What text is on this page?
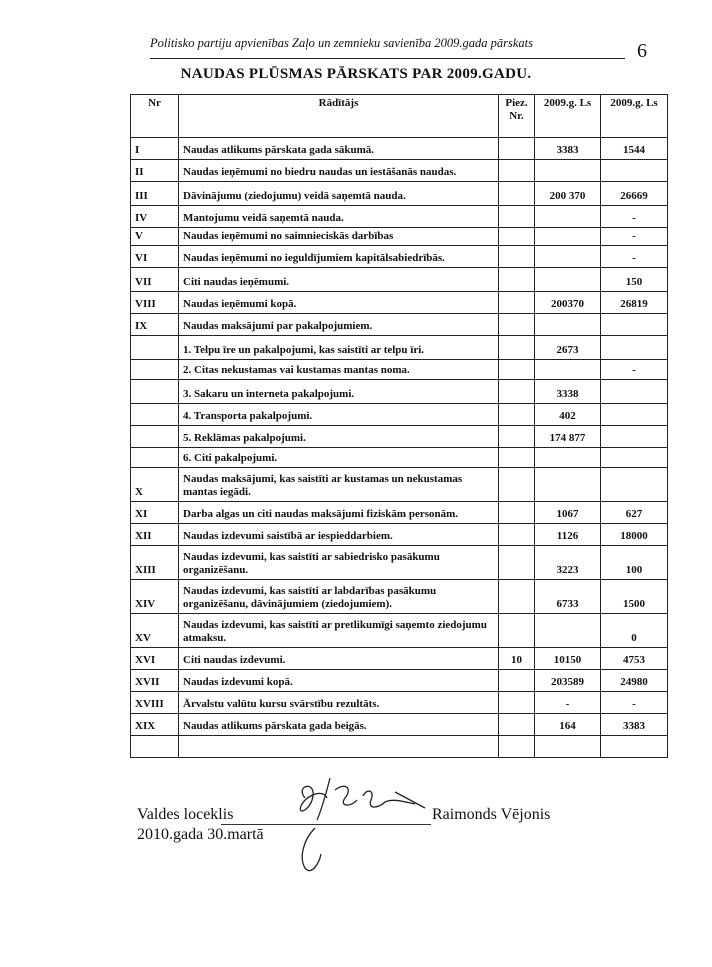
Politisko partiju apvienības Zaļo un zemnieku savienība 2009.gada pārskats	6
NAUDAS PLŪSMAS PĀRSKATS PAR 2009.GADU.
Nr	Rādītājs	Piez. Nr.	2009.g. Ls	2009.g. Ls
I	Naudas atlikums pārskata gada sākumā.		3383	1544
II	Naudas ieņēmumi no biedru naudas un iestāšanās naudas.			
III	Dāvinājumu (ziedojumu) veidā saņemtā nauda.		200 370	26669
IV	Mantojumu veidā saņemtā nauda.			-
V	Naudas ieņēmumi no saimnieciskās darbības			-
VI	Naudas ieņēmumi no ieguldījumiem kapitālsabiedrībās.			-
VII	Citi naudas ieņēmumi.			150
VIII	Naudas ieņēmumi kopā.		200370	26819
IX	Naudas maksājumi par pakalpojumiem.			
	1. Telpu īre un pakalpojumi, kas saistīti ar telpu īri.		2673	
	2. Citas nekustamas vai kustamas mantas noma.			-
	3. Sakaru un interneta pakalpojumi.		3338	
	4. Transporta pakalpojumi.		402	
	5. Reklāmas pakalpojumi.		174 877	
	6. Citi pakalpojumi.			
X	Naudas maksājumi, kas saistīti ar kustamas un nekustamas mantas iegādi.			
XI	Darba algas un citi naudas maksājumi fiziskām personām.		1067	627
XII	Naudas izdevumi saistībā ar iespieddarbiem.		1126	18000
XIII	Naudas izdevumi, kas saistīti ar sabiedrisko pasākumu organizēšanu.		3223	100
XIV	Naudas izdevumi, kas saistīti ar labdarības pasākumu organizēšanu, dāvinājumiem (ziedojumiem).		6733	1500
XV	Naudas izdevumi, kas saistīti ar pretlikumīgi saņemto ziedojumu atmaksu.			0
XVI	Citi naudas izdevumi.	10	10150	4753
XVII	Naudas izdevumi kopā.		203589	24980
XVIII	Ārvalstu valūtu kursu svārstību rezultāts.		-	-
XIX	Naudas atlikums pārskata gada beigās.		164	3383

Valdes loceklis	Raimonds Vējonis
2010.gada 30.martā
